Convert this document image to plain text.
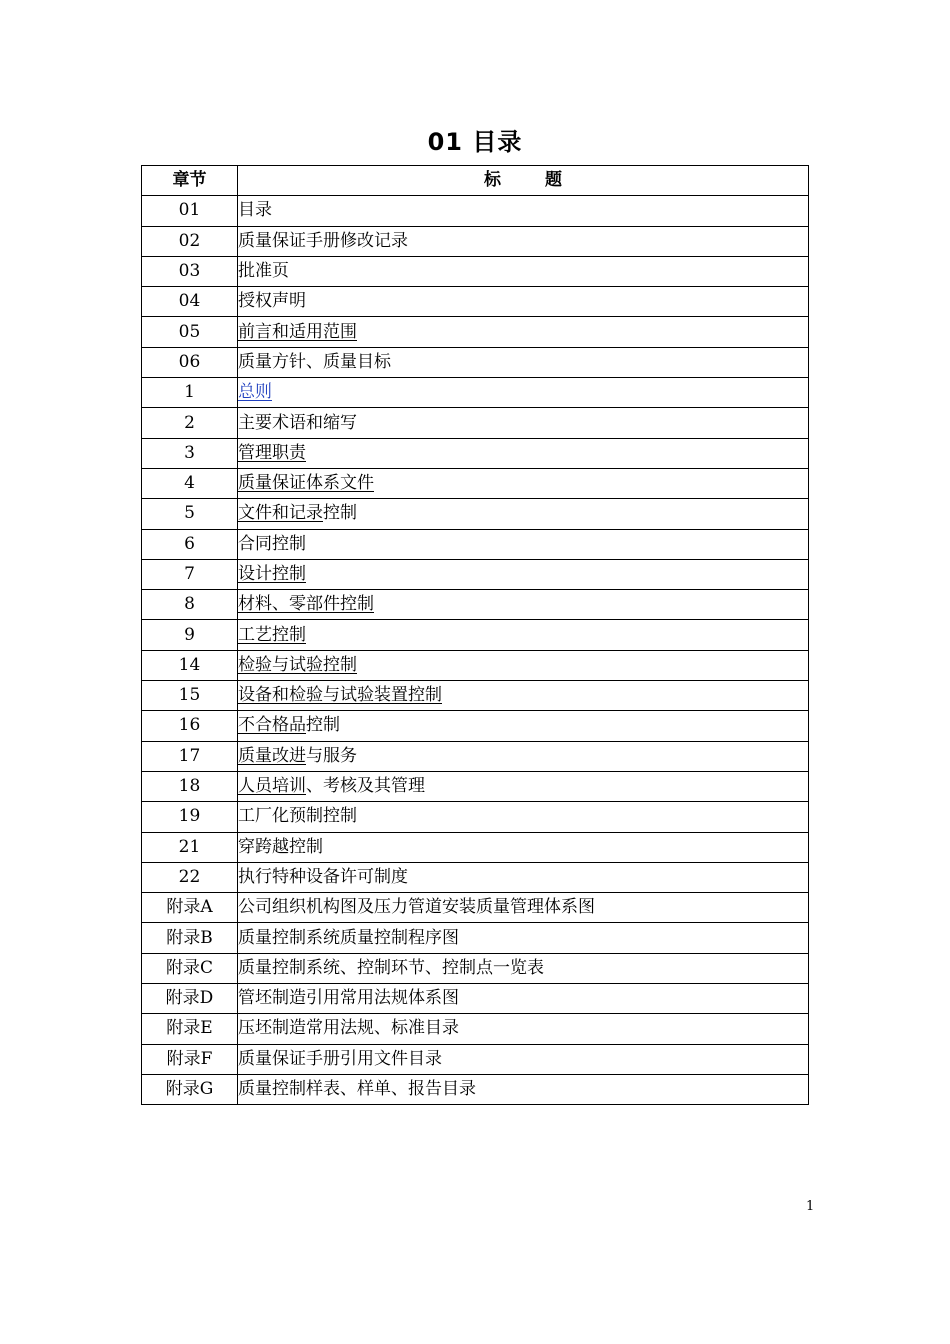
01 目录
章节	标 题
01	目录
02	质量保证手册修改记录
03	批准页
04	授权声明
05	前言和适用范围
06	质量方针、质量目标
1	总则
2	主要术语和缩写
3	管理职责
4	质量保证体系文件
5	文件和记录控制
6	合同控制
7	设计控制
8	材料、零部件控制
9	工艺控制
14	检验与试验控制
15	设备和检验与试验装置控制
16	不合格品控制
17	质量改进与服务
18	人员培训、考核及其管理
19	工厂化预制控制
21	穿跨越控制
22	执行特种设备许可制度
附录A	公司组织机构图及压力管道安装质量管理体系图
附录B	质量控制系统质量控制程序图
附录C	质量控制系统、控制环节、控制点一览表
附录D	管坯制造引用常用法规体系图
附录E	压坯制造常用法规、标准目录
附录F	质量保证手册引用文件目录
附录G	质量控制样表、样单、报告目录
1
